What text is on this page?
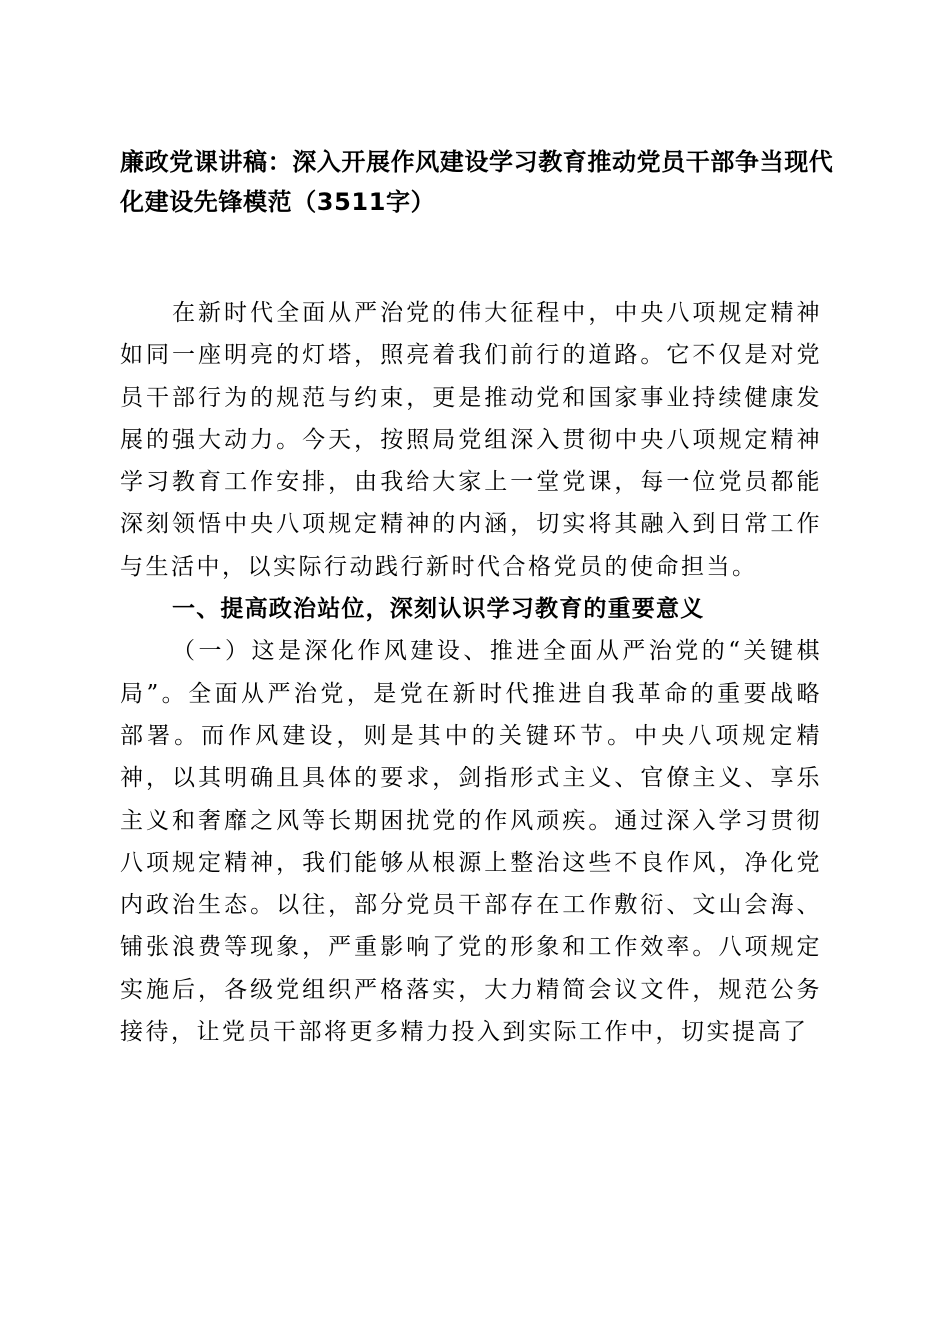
廉政党课讲稿：深入开展作风建设学习教育推动党员干部争当现代化建设先锋模范（3511字）

在新时代全面从严治党的伟大征程中，中央八项规定精神如同一座明亮的灯塔，照亮着我们前行的道路。它不仅是对党员干部行为的规范与约束，更是推动党和国家事业持续健康发展的强大动力。今天，按照局党组深入贯彻中央八项规定精神学习教育工作安排，由我给大家上一堂党课，每一位党员都能深刻领悟中央八项规定精神的内涵，切实将其融入到日常工作与生活中，以实际行动践行新时代合格党员的使命担当。

一、提高政治站位，深刻认识学习教育的重要意义

（一）这是深化作风建设、推进全面从严治党的“关键棋局”。全面从严治党，是党在新时代推进自我革命的重要战略部署。而作风建设，则是其中的关键环节。中央八项规定精神，以其明确且具体的要求，剑指形式主义、官僚主义、享乐主义和奢靡之风等长期困扰党的作风顽疾。通过深入学习贯彻八项规定精神，我们能够从根源上整治这些不良作风，净化党内政治生态。以往，部分党员干部存在工作敷衍、文山会海、铺张浪费等现象，严重影响了党的形象和工作效率。八项规定实施后，各级党组织严格落实，大力精简会议文件，规范公务接待，让党员干部将更多精力投入到实际工作中，切实提高了
